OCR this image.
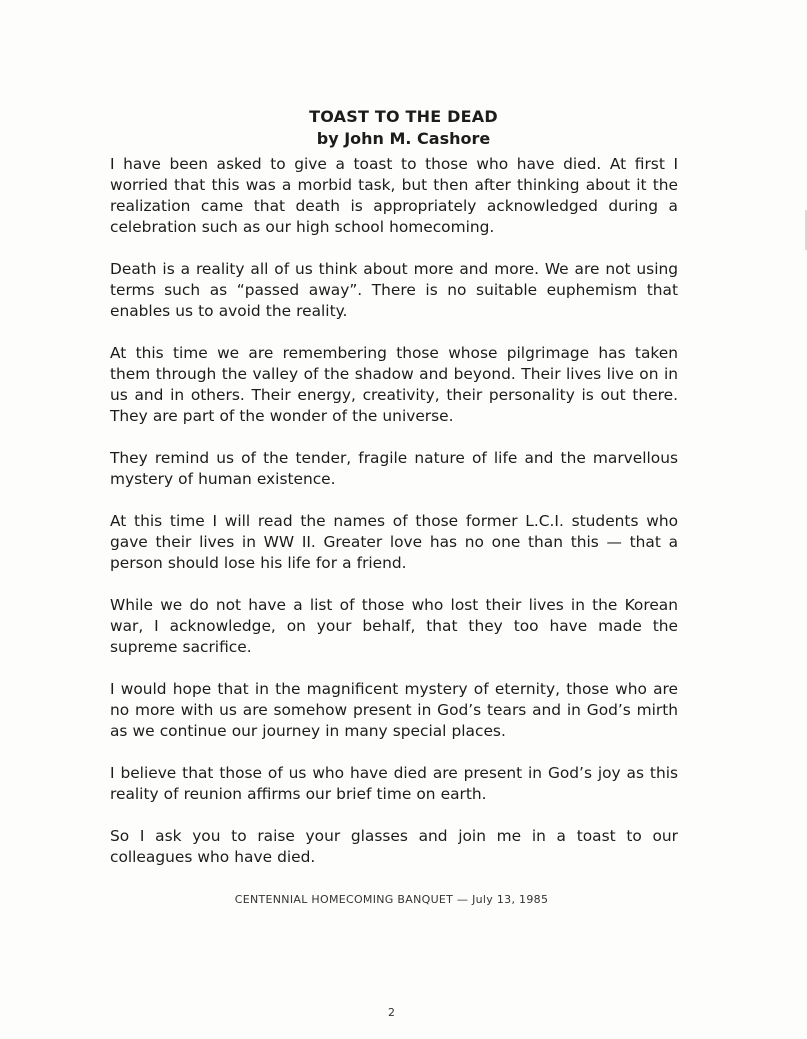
TOAST TO THE DEAD
by John M. Cashore

I have been asked to give a toast to those who have died. At first I worried that this was a morbid task, but then after thinking about it the realization came that death is appropriately acknowledged during a celebration such as our high school homecoming.

Death is a reality all of us think about more and more. We are not using terms such as “passed away”. There is no suitable euphemism that enables us to avoid the reality.

At this time we are remembering those whose pilgrimage has taken them through the valley of the shadow and beyond. Their lives live on in us and in others. Their energy, creativity, their personality is out there. They are part of the wonder of the universe.

They remind us of the tender, fragile nature of life and the marvellous mystery of human existence.

At this time I will read the names of those former L.C.I. students who gave their lives in WW II. Greater love has no one than this — that a person should lose his life for a friend.

While we do not have a list of those who lost their lives in the Korean war, I acknowledge, on your behalf, that they too have made the supreme sacrifice.

I would hope that in the magnificent mystery of eternity, those who are no more with us are somehow present in God’s tears and in God’s mirth as we continue our journey in many special places.

I believe that those of us who have died are present in God’s joy as this reality of reunion affirms our brief time on earth.

So I ask you to raise your glasses and join me in a toast to our colleagues who have died.

CENTENNIAL HOMECOMING BANQUET — July 13, 1985
2
